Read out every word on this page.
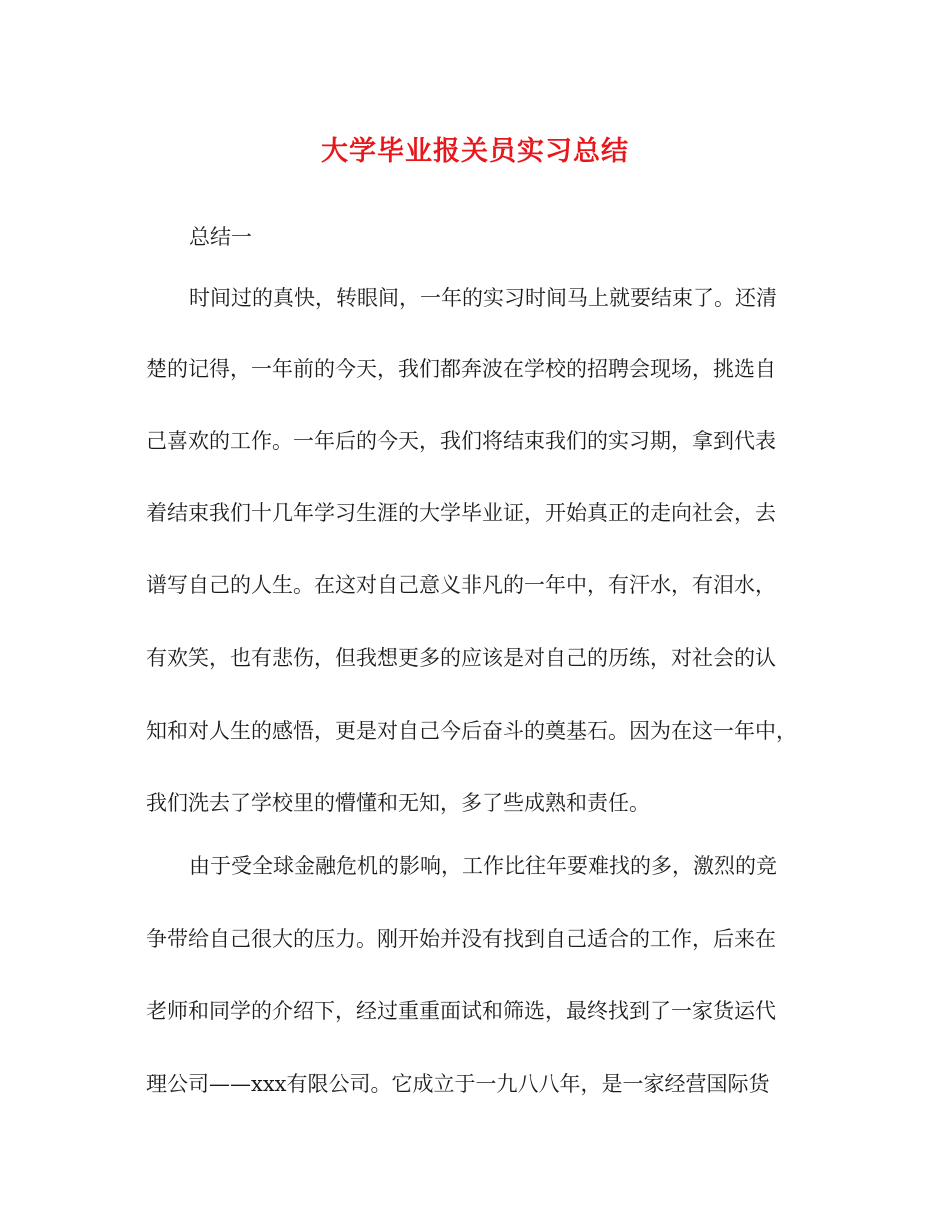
大学毕业报关员实习总结
总结一
时间过的真快，转眼间，一年的实习时间马上就要结束了。还清
楚的记得，一年前的今天，我们都奔波在学校的招聘会现场，挑选自
己喜欢的工作。一年后的今天，我们将结束我们的实习期，拿到代表
着结束我们十几年学习生涯的大学毕业证，开始真正的走向社会，去
谱写自己的人生。在这对自己意义非凡的一年中，有汗水，有泪水，
有欢笑，也有悲伤，但我想更多的应该是对自己的历练，对社会的认
知和对人生的感悟，更是对自己今后奋斗的奠基石。因为在这一年中，
我们洗去了学校里的懵懂和无知，多了些成熟和责任。
由于受全球金融危机的影响，工作比往年要难找的多，激烈的竞
争带给自己很大的压力。刚开始并没有找到自己适合的工作，后来在
老师和同学的介绍下，经过重重面试和筛选，最终找到了一家货运代
理公司——xxx有限公司。它成立于一九八八年，是一家经营国际货
